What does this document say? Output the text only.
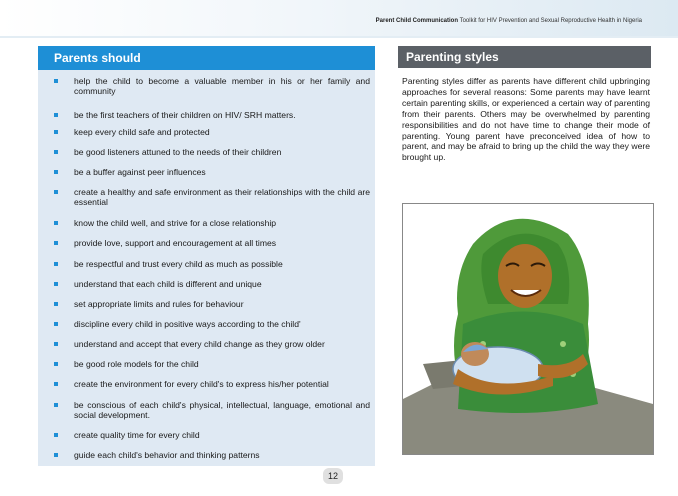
Parent Child Communication Toolkit for HIV Prevention and Sexual Reproductive Health in Nigeria
Parents should
help the child to become a valuable member in his or her family and community
be the first teachers of their children on HIV/ SRH matters.
keep every child safe and protected
be good listeners attuned to the needs of their children
be a buffer against peer influences
create a healthy and safe environment as their relationships with the child are essential
know the child well, and strive for a close relationship
provide love, support and encouragement at all times
be respectful and trust every child as much as possible
understand that each child is different and unique
set appropriate limits and rules for behaviour
discipline every child in positive ways according to the child'
understand and accept that every child change as they grow older
be good role models for the child
create the environment for every child's to express his/her potential
be conscious of each child's physical, intellectual, language, emotional and social development.
create quality time for every child
guide each child's behavior and thinking patterns
Parenting styles
Parenting styles differ as parents have different child upbringing approaches for several reasons: Some parents may have learnt certain parenting skills, or experienced a certain way of parenting from their parents. Others may be overwhelmed by parenting responsibilities and do not have time to change their mode of parenting. Young parent have preconceived idea of how to parent, and may be afraid to bring up the child the way they were brought up.
12
